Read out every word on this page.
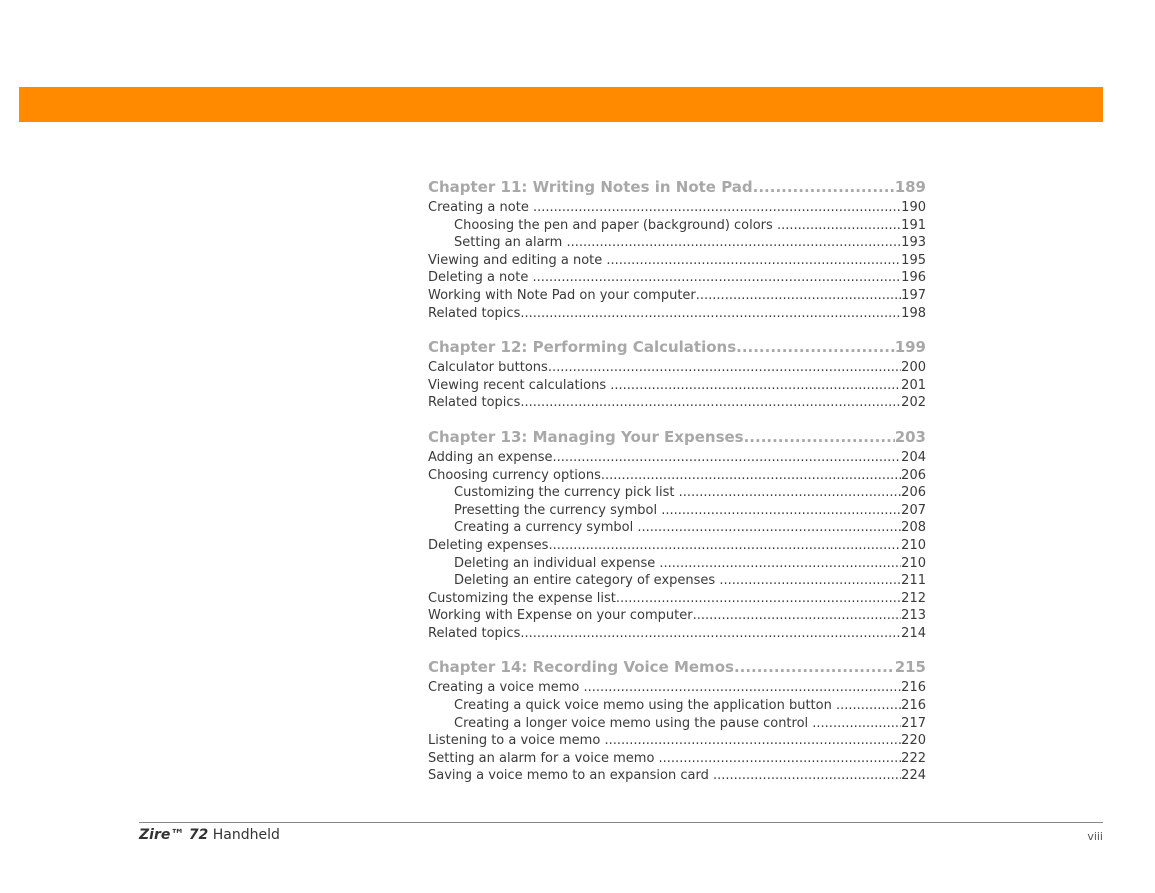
Chapter 11: Writing Notes in Note Pad .....	189
Creating a note .....	190
Choosing the pen and paper (background) colors .....	191
Setting an alarm .....	193
Viewing and editing a note .....	195
Deleting a note .....	196
Working with Note Pad on your computer .....	197
Related topics .....	198
Chapter 12: Performing Calculations .....	199
Calculator buttons .....	200
Viewing recent calculations .....	201
Related topics .....	202
Chapter 13: Managing Your Expenses .....	203
Adding an expense .....	204
Choosing currency options .....	206
Customizing the currency pick list .....	206
Presetting the currency symbol .....	207
Creating a currency symbol .....	208
Deleting expenses .....	210
Deleting an individual expense .....	210
Deleting an entire category of expenses .....	211
Customizing the expense list .....	212
Working with Expense on your computer .....	213
Related topics .....	214
Chapter 14: Recording Voice Memos .....	215
Creating a voice memo .....	216
Creating a quick voice memo using the application button .....	216
Creating a longer voice memo using the pause control .....	217
Listening to a voice memo .....	220
Setting an alarm for a voice memo .....	222
Saving a voice memo to an expansion card .....	224
Zire™ 72 Handheld	viii
